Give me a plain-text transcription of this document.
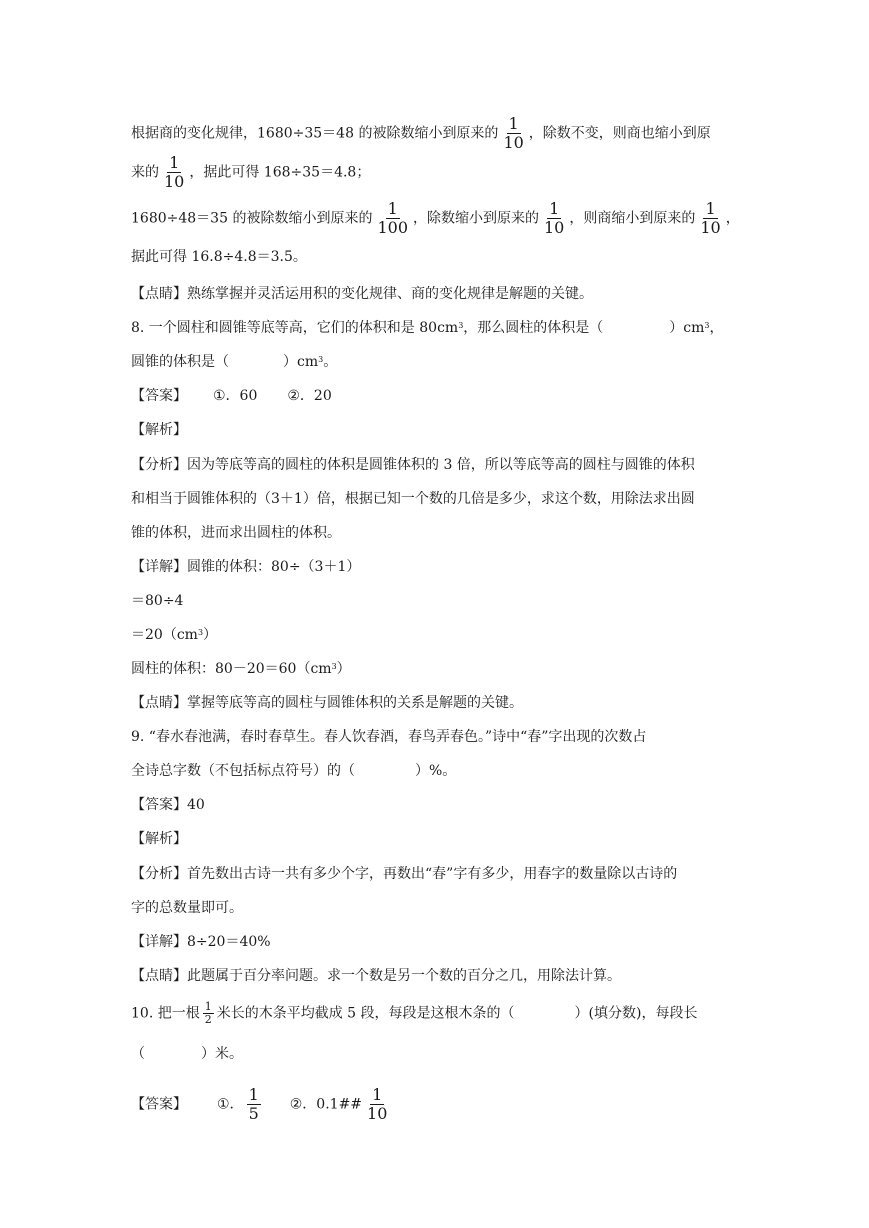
根据商的变化规律，1680÷35＝48 的被除数缩小到原来的 $\frac{1}{10}$ ，除数不变，则商也缩小到原
来的 $\frac{1}{10}$ ，据此可得 168÷35＝4.8；
1680÷48＝35 的被除数缩小到原来的 $\frac{1}{100}$ ，除数缩小到原来的 $\frac{1}{10}$ ，则商缩小到原来的 $\frac{1}{10}$ ，
据此可得 16.8÷4.8＝3.5。
【点睛】熟练掌握并灵活运用积的变化规律、商的变化规律是解题的关键。
8. 一个圆柱和圆锥等底等高，它们的体积和是 $80cm^3$，那么圆柱的体积是（	）$cm^3$，
圆锥的体积是（	）$cm^3$。
【答案】 ①．60 ②．20
【解析】
【分析】因为等底等高的圆柱的体积是圆锥体积的 3 倍，所以等底等高的圆柱与圆锥的体积
和相当于圆锥体积的（3＋1）倍，根据已知一个数的几倍是多少，求这个数，用除法求出圆
锥的体积，进而求出圆柱的体积。
【详解】圆锥的体积：80÷（3＋1）
＝80÷4
$=20(cm^3)$
圆柱的体积：$80-20=60(cm^3)$
【点睛】掌握等底等高的圆柱与圆锥体积的关系是解题的关键。
9. “春水春池满，春时春草生。春人饮春酒，春鸟弄春色。”诗中“春”字出现的次数占
全诗总字数（不包括标点符号）的（	）%。
【答案】40
【解析】
【分析】首先数出古诗一共有多少个字，再数出“春”字有多少，用春字的数量除以古诗的
字的总数量即可。
【详解】8÷20＝40%
【点睛】此题属于百分率问题。求一个数是另一个数的百分之几，用除法计算。
10. 把一根 $\frac{1}{2}$ 米长的木条平均截成 5 段，每段是这根木条的（	）(填分数)，每段长
（	）米。
【答案】 ①． $\frac{1}{5}$ ②．0.1## $\frac{1}{10}$
